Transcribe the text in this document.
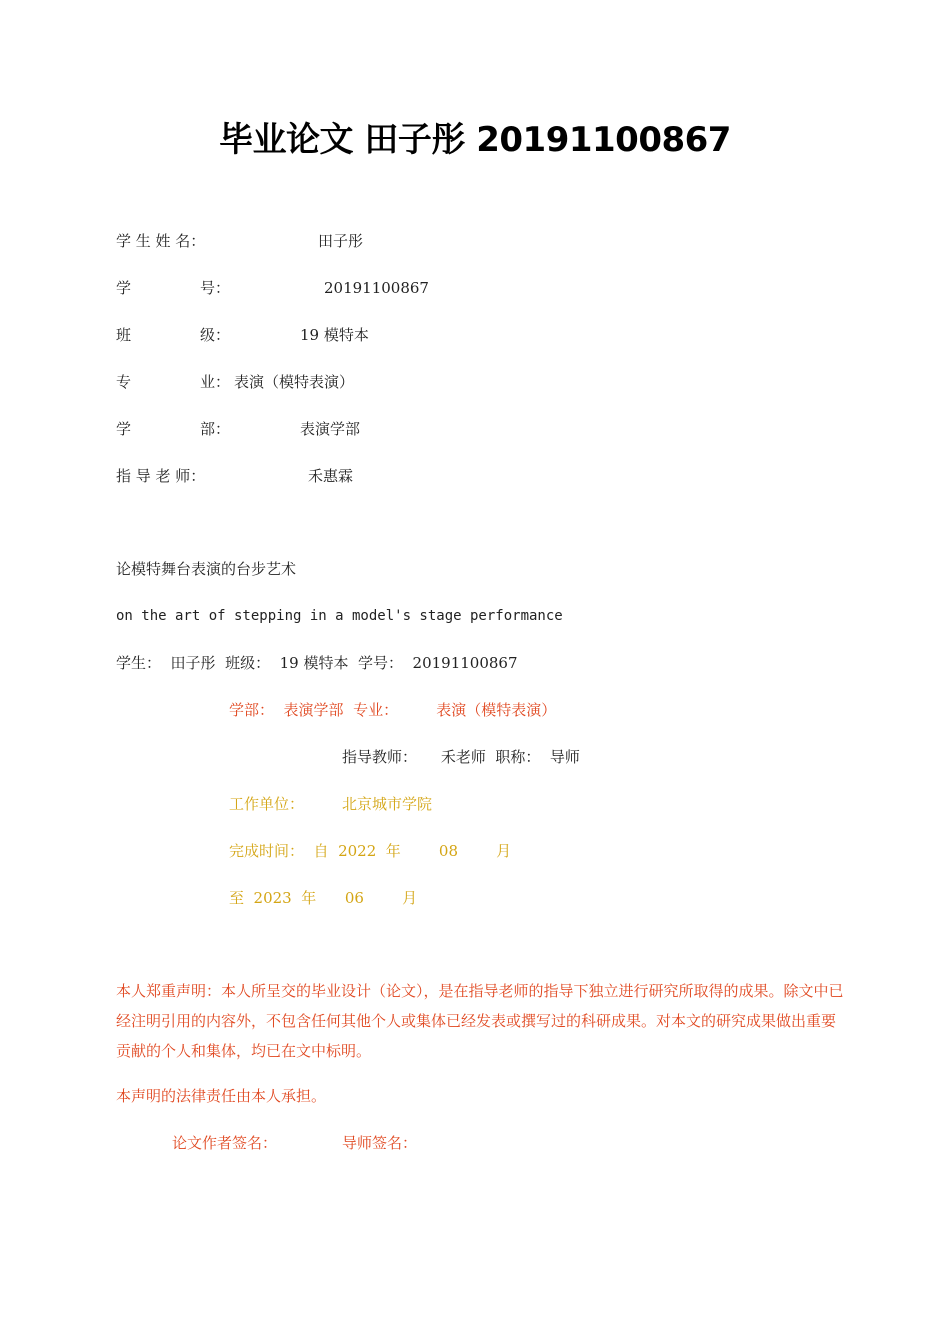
毕业论文 田子彤 20191100867
学 生 姓 名：	田子彤
学	号：	20191100867
班	级：	19 模特本
专	业： 表演（模特表演）
学	部：	表演学部
指 导 老 师：	禾惠霖
论模特舞台表演的台步艺术
on the art of stepping in a model's stage performance
学生：  田子彤  班级：  19 模特本  学号：  20191100867
学部：  表演学部  专业：        表演（模特表演）
指导教师：     禾老师  职称：  导师
工作单位：	北京城市学院
完成时间：  自  2022  年        08        月
至  2023  年      06        月
本人郑重声明：本人所呈交的毕业设计（论文），是在指导老师的指导下独立进行研究所取得的成果。除文中已经注明引用的内容外，不包含任何其他个人或集体已经发表或撰写过的科研成果。对本文的研究成果做出重要贡献的个人和集体，均已在文中标明。
本声明的法律责任由本人承担。
论文作者签名：	导师签名：
